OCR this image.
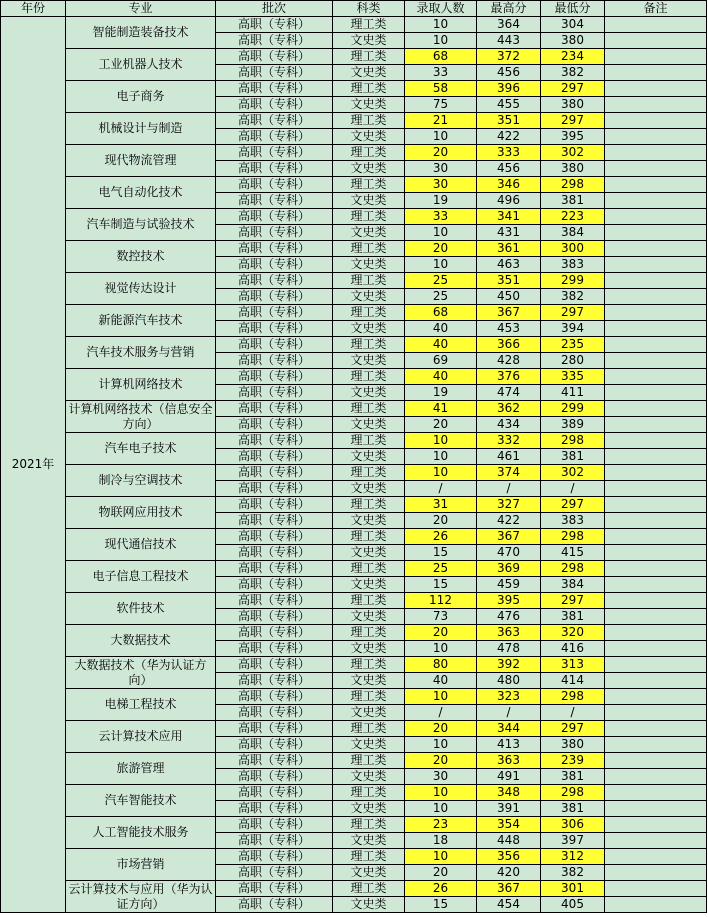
年份	专业	批次	科类	录取人数	最高分	最低分	备注
2021年	智能制造装备技术	高职（专科）	理工类	10	364	304	
		高职（专科）	文史类	10	443	380	
	工业机器人技术	高职（专科）	理工类	68	372	234	
		高职（专科）	文史类	33	456	382	
	电子商务	高职（专科）	理工类	58	396	297	
		高职（专科）	文史类	75	455	380	
	机械设计与制造	高职（专科）	理工类	21	351	297	
		高职（专科）	文史类	10	422	395	
	现代物流管理	高职（专科）	理工类	20	333	302	
		高职（专科）	文史类	30	456	380	
	电气自动化技术	高职（专科）	理工类	30	346	298	
		高职（专科）	文史类	19	496	381	
	汽车制造与试验技术	高职（专科）	理工类	33	341	223	
		高职（专科）	文史类	10	431	384	
	数控技术	高职（专科）	理工类	20	361	300	
		高职（专科）	文史类	10	463	383	
	视觉传达设计	高职（专科）	理工类	25	351	299	
		高职（专科）	文史类	25	450	382	
	新能源汽车技术	高职（专科）	理工类	68	367	297	
		高职（专科）	文史类	40	453	394	
	汽车技术服务与营销	高职（专科）	理工类	40	366	235	
		高职（专科）	文史类	69	428	280	
	计算机网络技术	高职（专科）	理工类	40	376	335	
		高职（专科）	文史类	19	474	411	
	计算机网络技术（信息安全方向）	高职（专科）	理工类	41	362	299	
		高职（专科）	文史类	20	434	389	
	汽车电子技术	高职（专科）	理工类	10	332	298	
		高职（专科）	文史类	10	461	381	
	制冷与空调技术	高职（专科）	理工类	10	374	302	
		高职（专科）	文史类	/	/	/	
	物联网应用技术	高职（专科）	理工类	31	327	297	
		高职（专科）	文史类	20	422	383	
	现代通信技术	高职（专科）	理工类	26	367	298	
		高职（专科）	文史类	15	470	415	
	电子信息工程技术	高职（专科）	理工类	25	369	298	
		高职（专科）	文史类	15	459	384	
	软件技术	高职（专科）	理工类	112	395	297	
		高职（专科）	文史类	73	476	381	
	大数据技术	高职（专科）	理工类	20	363	320	
		高职（专科）	文史类	10	478	416	
	大数据技术（华为认证方向）	高职（专科）	理工类	80	392	313	
		高职（专科）	文史类	40	480	414	
	电梯工程技术	高职（专科）	理工类	10	323	298	
		高职（专科）	文史类	/	/	/	
	云计算技术应用	高职（专科）	理工类	20	344	297	
		高职（专科）	文史类	10	413	380	
	旅游管理	高职（专科）	理工类	20	363	239	
		高职（专科）	文史类	30	491	381	
	汽车智能技术	高职（专科）	理工类	10	348	298	
		高职（专科）	文史类	10	391	381	
	人工智能技术服务	高职（专科）	理工类	23	354	306	
		高职（专科）	文史类	18	448	397	
	市场营销	高职（专科）	理工类	10	356	312	
		高职（专科）	文史类	20	420	382	
	云计算技术与应用（华为认证方向）	高职（专科）	理工类	26	367	301	
		高职（专科）	文史类	15	454	405	
